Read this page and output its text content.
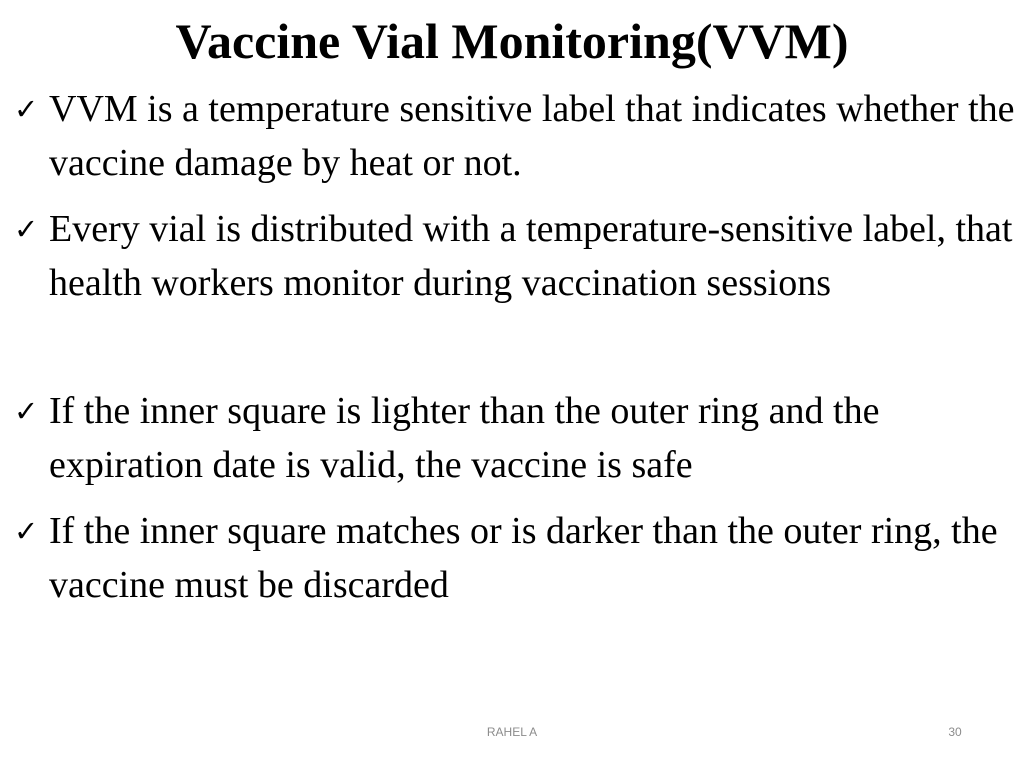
Vaccine Vial Monitoring(VVM)
✓ VVM is a temperature sensitive label that indicates whether the vaccine damage by heat or not.
✓ Every vial is distributed with a temperature-sensitive label, that health workers monitor during vaccination sessions
✓ If the inner square is lighter than the outer ring and the expiration date is valid, the vaccine is safe
✓ If the inner square matches or is darker than the outer ring, the vaccine must be discarded
RAHEL A	30
